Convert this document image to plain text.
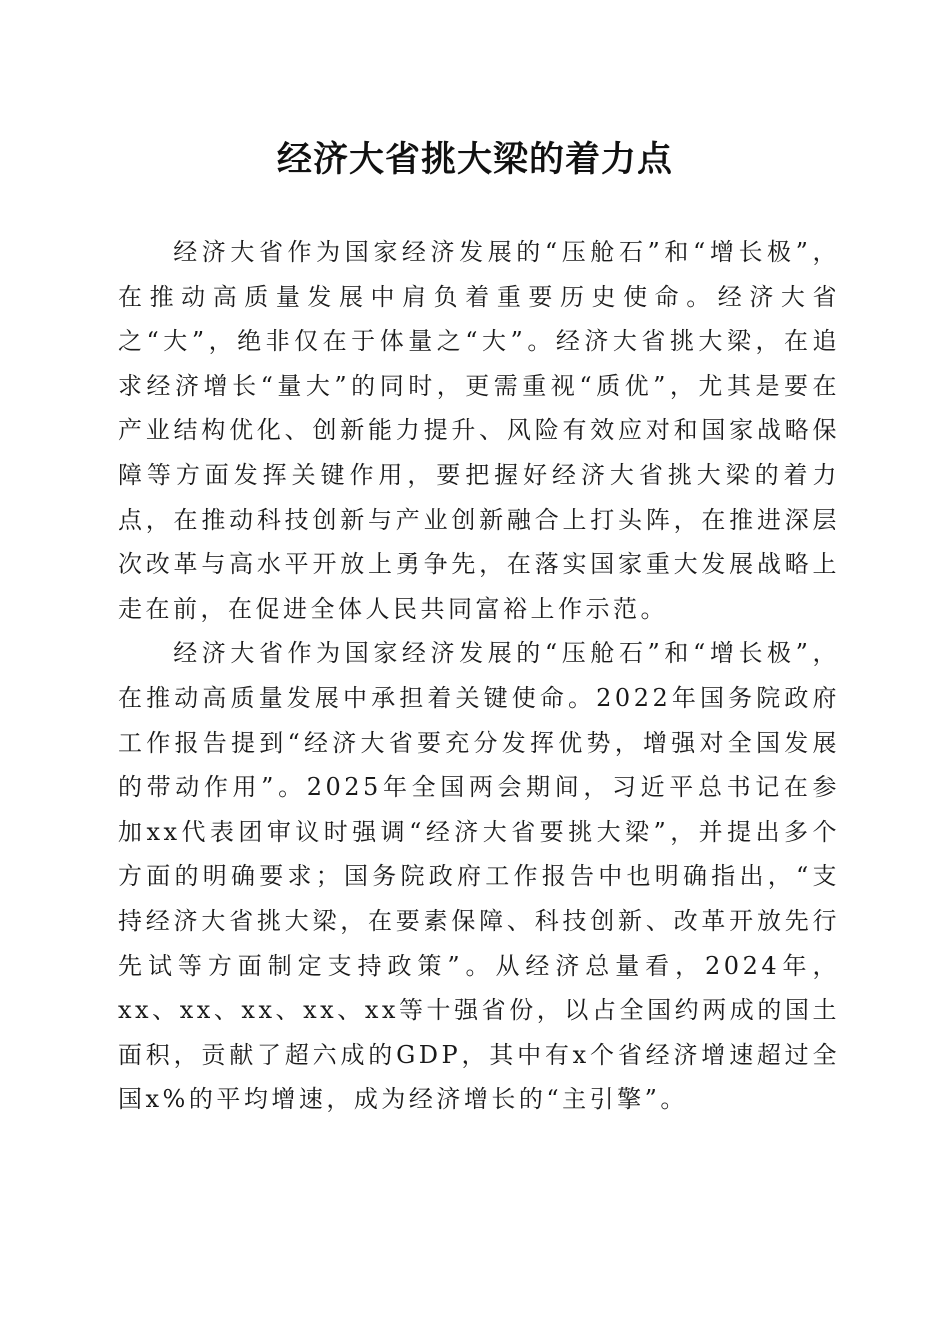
经济大省挑大梁的着力点

经济大省作为国家经济发展的“压舱石”和“增长极”，在推动高质量发展中肩负着重要历史使命。经济大省之“大”，绝非仅在于体量之“大”。经济大省挑大梁，在追求经济增长“量大”的同时，更需重视“质优”，尤其是要在产业结构优化、创新能力提升、风险有效应对和国家战略保障等方面发挥关键作用，要把握好经济大省挑大梁的着力点，在推动科技创新与产业创新融合上打头阵，在推进深层次改革与高水平开放上勇争先，在落实国家重大发展战略上走在前，在促进全体人民共同富裕上作示范。

经济大省作为国家经济发展的“压舱石”和“增长极”，在推动高质量发展中承担着关键使命。2022年国务院政府工作报告提到“经济大省要充分发挥优势，增强对全国发展的带动作用”。2025年全国两会期间，习近平总书记在参加xx代表团审议时强调“经济大省要挑大梁”，并提出多个方面的明确要求；国务院政府工作报告中也明确指出，“支持经济大省挑大梁，在要素保障、科技创新、改革开放先行先试等方面制定支持政策”。从经济总量看，2024年，xx、xx、xx、xx、xx等十强省份，以占全国约两成的国土面积，贡献了超六成的GDP，其中有x个省经济增速超过全国x%的平均增速，成为经济增长的“主引擎”。
